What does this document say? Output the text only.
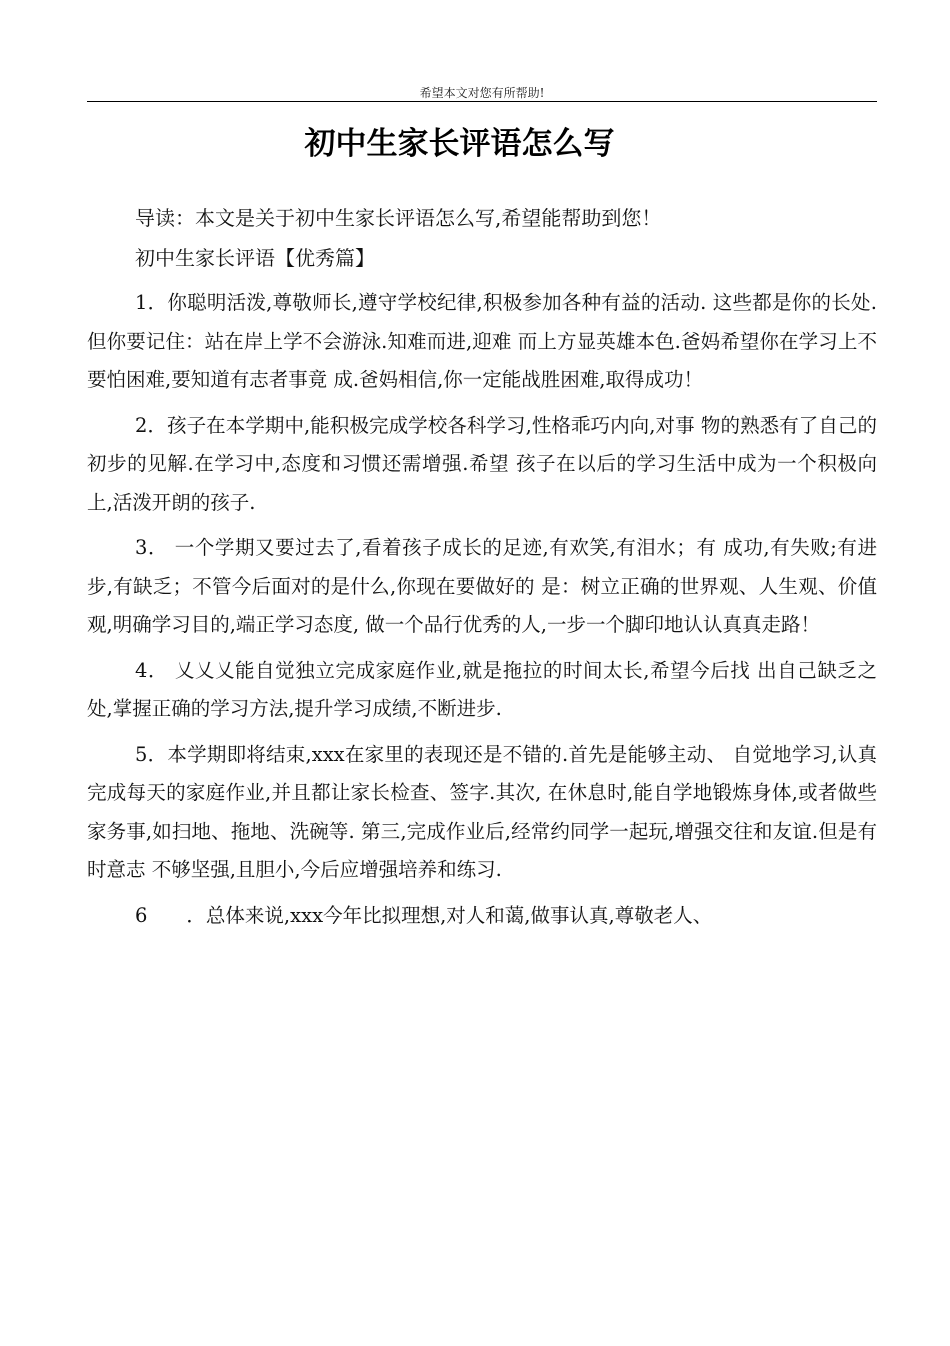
希望本文对您有所帮助!
初中生家长评语怎么写

导读：本文是关于初中生家长评语怎么写,希望能帮助到您！

初中生家长评语【优秀篇】

1．你聪明活泼,尊敬师长,遵守学校纪律,积极参加各种有益的活动. 这些都是你的长处.但你要记住：站在岸上学不会游泳.知难而进,迎难 而上方显英雄本色.爸妈希望你在学习上不要怕困难,要知道有志者事竟 成.爸妈相信,你一定能战胜困难,取得成功！

2．孩子在本学期中,能积极完成学校各科学习,性格乖巧内向,对事 物的熟悉有了自己的初步的见解.在学习中,态度和习惯还需增强.希望 孩子在以后的学习生活中成为一个积极向上,活泼开朗的孩子.

3． 一个学期又要过去了,看着孩子成长的足迹,有欢笑,有泪水；有 成功,有失败;有进步,有缺乏；不管今后面对的是什么,你现在要做好的 是：树立正确的世界观、人生观、价值观,明确学习目的,端正学习态度, 做一个品行优秀的人,一步一个脚印地认认真真走路！

4． 乂乂乂能自觉独立完成家庭作业,就是拖拉的时间太长,希望今后找 出自己缺乏之处,掌握正确的学习方法,提升学习成绩,不断进步.

5．本学期即将结束,xxx在家里的表现还是不错的.首先是能够主动、 自觉地学习,认真完成每天的家庭作业,并且都让家长检查、签字.其次, 在休息时,能自学地锻炼身体,或者做些家务事,如扫地、拖地、洗碗等. 第三,完成作业后,经常约同学一起玩,增强交往和友谊.但是有时意志 不够坚强,且胆小,今后应增强培养和练习.

6　　．总体来说,xxx今年比拟理想,对人和蔼,做事认真,尊敬老人、
